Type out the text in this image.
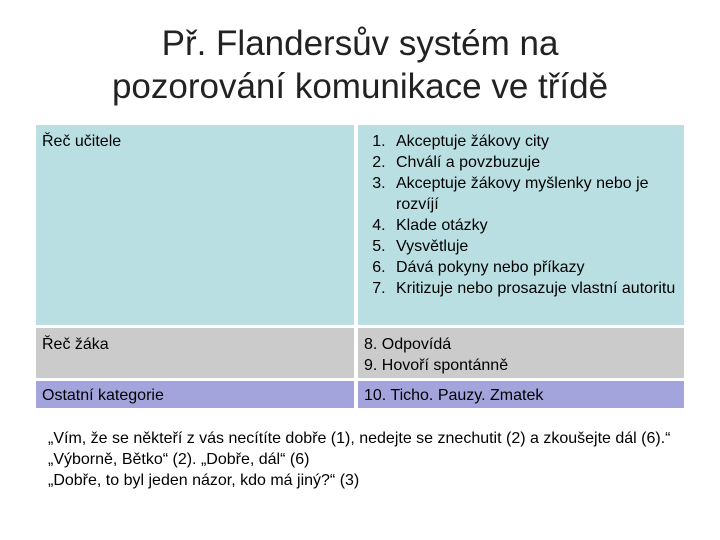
Př. Flandersův systém na
pozorování komunikace ve třídě
Řeč učitele
1.	Akceptuje žákovy city
2. Chválí a povzbuzuje
3. Akceptuje žákovy myšlenky nebo je rozvíjí
4. Klade otázky
5. Vysvětluje
6. Dává pokyny nebo příkazy
7. Kritizuje nebo prosazuje vlastní autoritu
Řeč žáka	8. Odpovídá
9. Hovoří spontánně
Ostatní kategorie	10. Ticho. Pauzy. Zmatek
„Vím, že se někteří z vás necítíte dobře (1), nedejte se znechutit (2) a zkoušejte dál (6).“
„Výborně, Bětko“ (2). „Dobře, dál“ (6)
„Dobře, to byl jeden názor, kdo má jiný?“ (3)
